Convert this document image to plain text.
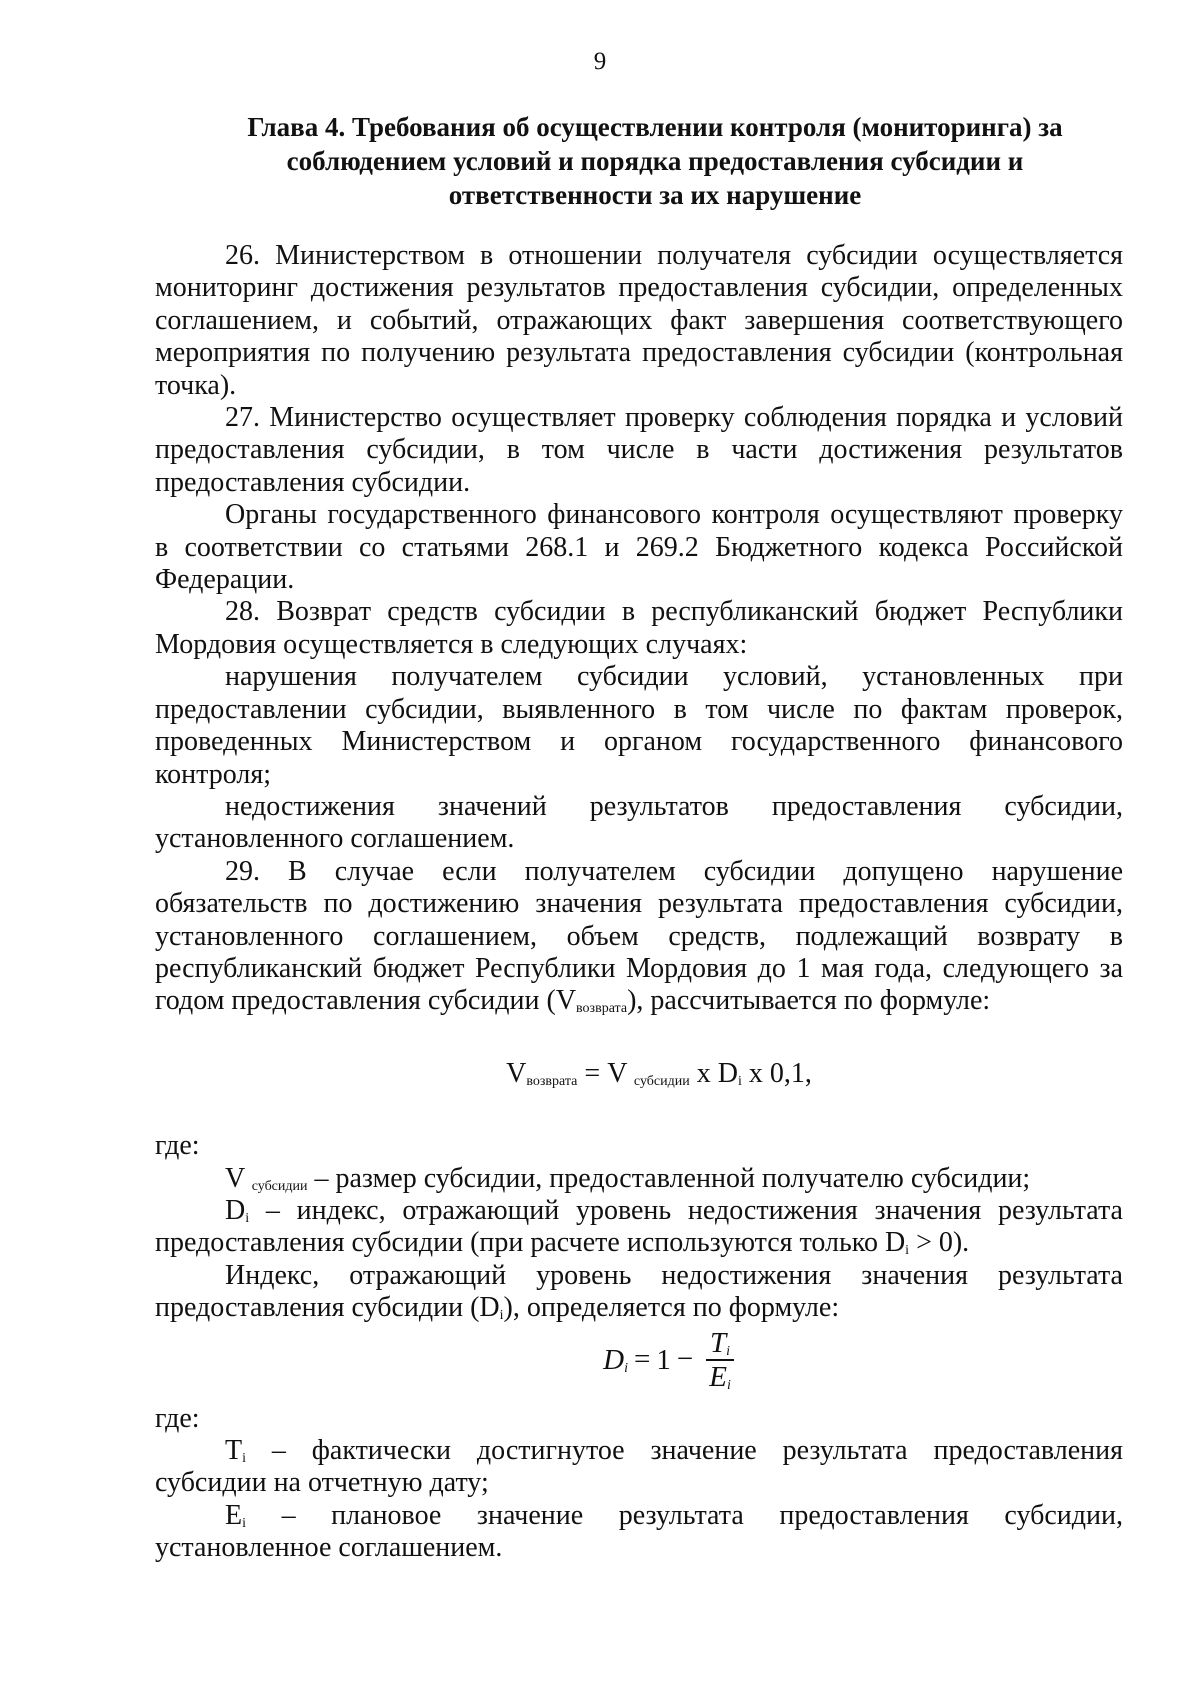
9
Глава 4. Требования об осуществлении контроля (мониторинга) за
соблюдением условий и порядка предоставления субсидии и
ответственности за их нарушение

26. Министерством в отношении получателя субсидии осуществляется мониторинг достижения результатов предоставления субсидии, определенных соглашением, и событий, отражающих факт завершения соответствующего мероприятия по получению результата предоставления субсидии (контрольная точка).

27. Министерство осуществляет проверку соблюдения порядка и условий предоставления субсидии, в том числе в части достижения результатов предоставления субсидии.

Органы государственного финансового контроля осуществляют проверку в соответствии со статьями 268.1 и 269.2 Бюджетного кодекса Российской Федерации.

28. Возврат средств субсидии в республиканский бюджет Республики Мордовия осуществляется в следующих случаях:

нарушения получателем субсидии условий, установленных при предоставлении субсидии, выявленного в том числе по фактам проверок, проведенных Министерством и органом государственного финансового контроля;

недостижения значений результатов предоставления субсидии, установленного соглашением.

29. В случае если получателем субсидии допущено нарушение обязательств по достижению значения результата предоставления субсидии, установленного соглашением, объем средств, подлежащий возврату в республиканский бюджет Республики Мордовия до 1 мая года, следующего за годом предоставления субсидии $(V_{возврата})$, рассчитывается по формуле:

$V_{возврата} = V$ $_{субсидии}$ x $D_i$ x 0,1,

где:

V $_{субсидии}$ – размер субсидии, предоставленной получателю субсидии;

$D_i$ – индекс, отражающий уровень недостижения значения результата предоставления субсидии (при расчете используются только $D_i > 0$).

Индекс, отражающий уровень недостижения значения результата предоставления субсидии $(D_i)$, определяется по формуле:

$D_i = 1 - \frac{T_i}{E_i}$

где:

$T_i$ – фактически достигнутое значение результата предоставления субсидии на отчетную дату;

$E_i$ – плановое значение результата предоставления субсидии, установленное соглашением.
